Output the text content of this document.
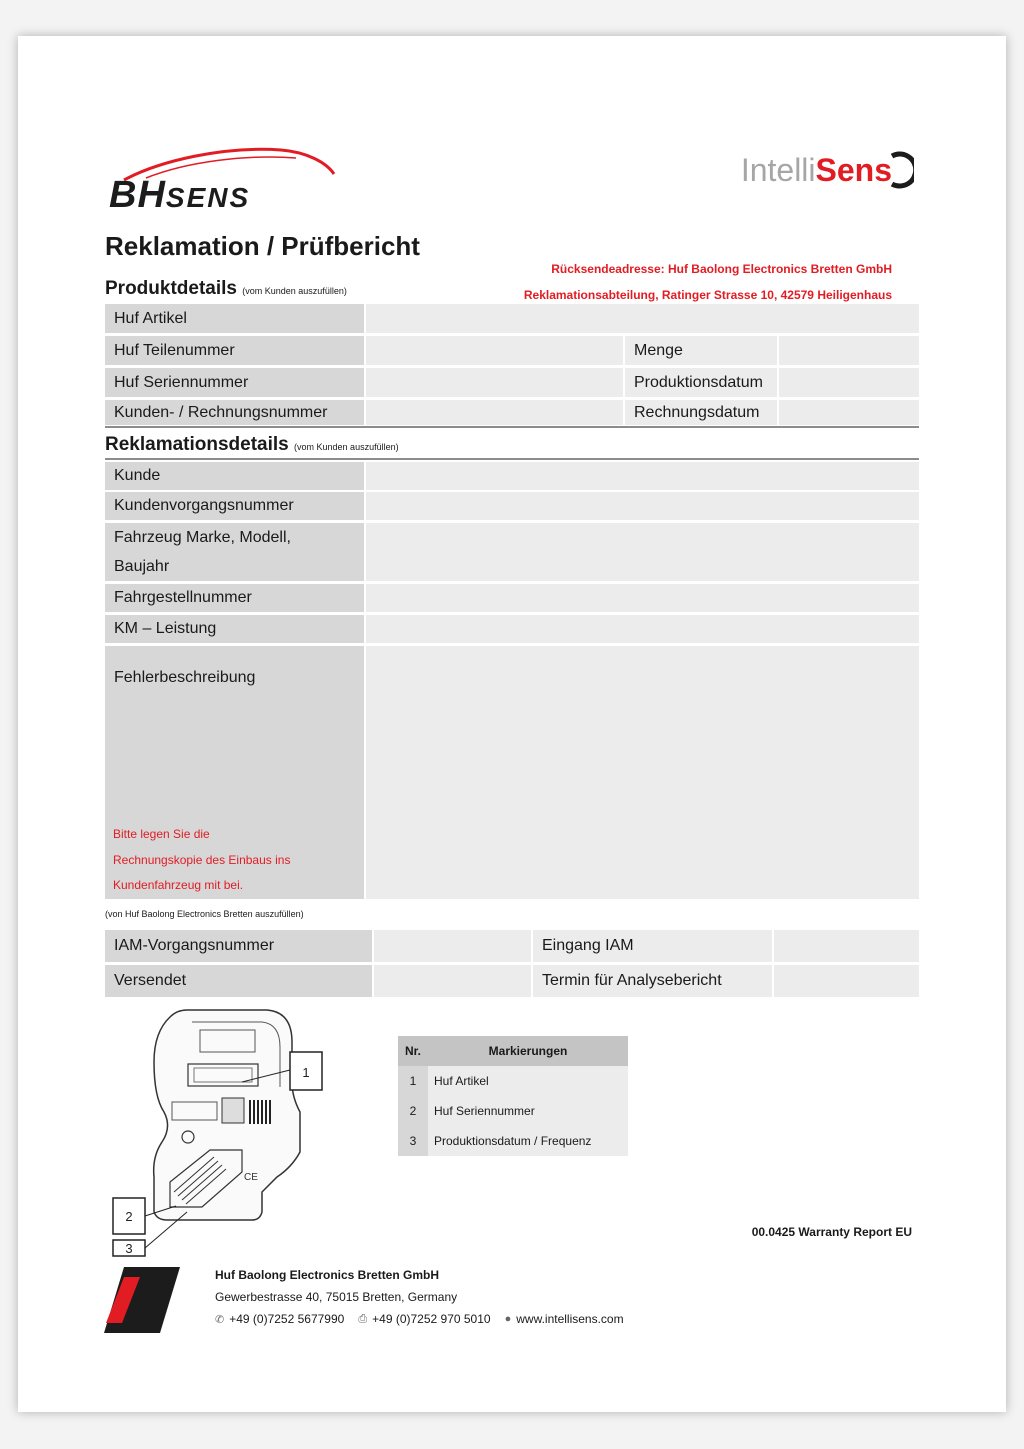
BHSENS
Intelli Sens
Reklamation / Prüfbericht
Rücksendeadresse: Huf Baolong Electronics Bretten GmbH
Reklamationsabteilung, Ratinger Strasse 10, 42579 Heiligenhaus
Produktdetails (vom Kunden auszufüllen)
Huf Artikel
Huf Teilenummer	Menge
Huf Seriennummer	Produktionsdatum
Kunden- / Rechnungsnummer	Rechnungsdatum
Reklamationsdetails (vom Kunden auszufüllen)
Kunde
Kundenvorgangsnummer
Fahrzeug Marke, Modell,
Baujahr
Fahrgestellnummer
KM – Leistung
Fehlerbeschreibung
Bitte legen Sie die
Rechnungskopie des Einbaus ins
Kundenfahrzeug mit bei.
(von Huf Baolong Electronics Bretten auszufüllen)
IAM-Vorgangsnummer	Eingang IAM
Versendet	Termin für Analysebericht
CE
1
2
3
Nr.	Markierungen
1	Huf Artikel
2	Huf Seriennummer
3	Produktionsdatum / Frequenz
00.0425 Warranty Report EU
Huf Baolong Electronics Bretten GmbH
Gewerbestrasse 40, 75015 Bretten, Germany
✆ +49 (0)7252 5677990 ⎙ +49 (0)7252 970 5010 ● www.intellisens.com
